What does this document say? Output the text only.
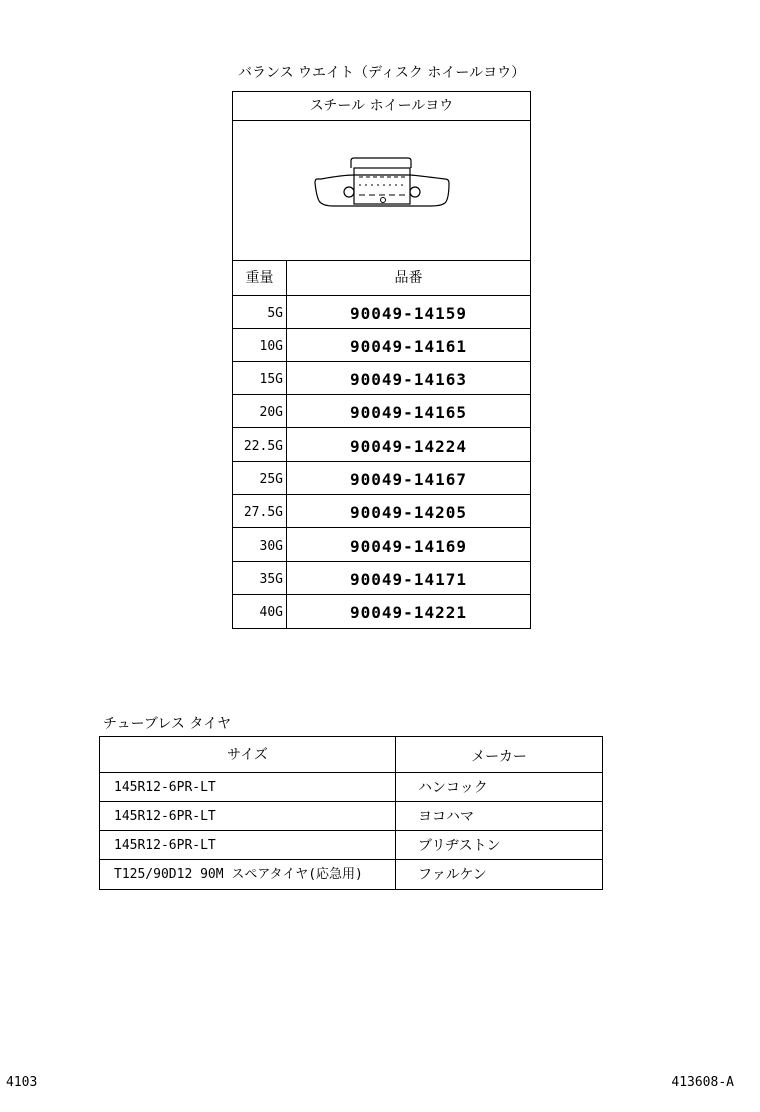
バランス ウエイト（ディスク ホイールヨウ）
スチール ホイールヨウ
重量	品番
5G	90049-14159
10G	90049-14161
15G	90049-14163
20G	90049-14165
22.5G	90049-14224
25G	90049-14167
27.5G	90049-14205
30G	90049-14169
35G	90049-14171
40G	90049-14221
チューブレス タイヤ
サイズ	メーカー
145R12-6PR-LT	ハンコック
145R12-6PR-LT	ヨコハマ
145R12-6PR-LT	ブリヂストン
T125/90D12 90M スペアタイヤ(応急用)	ファルケン
4103	413608-A
